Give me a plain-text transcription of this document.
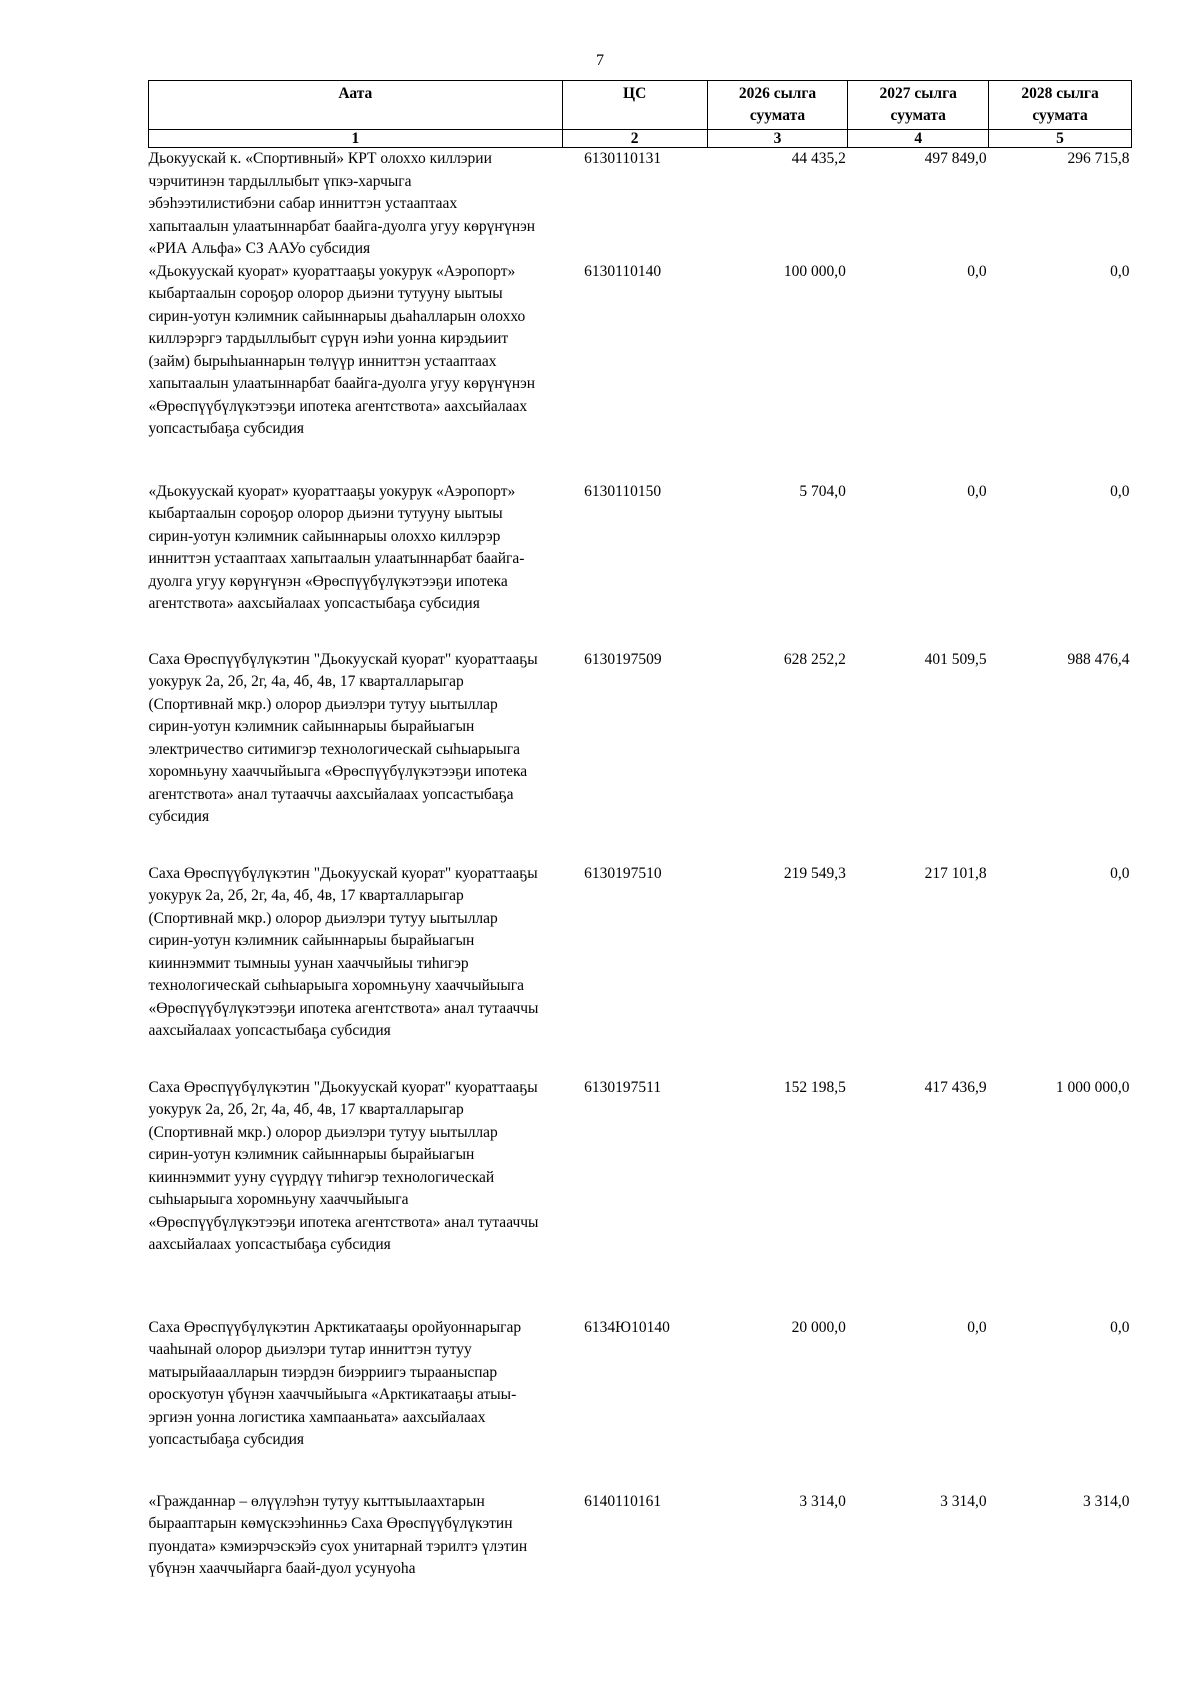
7
Аата	ЦС	2026 сылга суумата	2027 сылга суумата	2028 сылга суумата
1	2	3	4	5
Дьокуускай к. «Спортивный» КРТ олоххо киллэрии чэрчитинэн тардыллыбыт үпкэ-харчыга эбэһээтилистибэни сабар инниттэн устаaптаах хапытаалын улаатыннарбат баайга-дуолга угуу көрүҥүнэн «РИА Альфа» СЗ ААУо субсидия	6130110131	44 435,2	497 849,0	296 715,8
«Дьокуускай куорат» куораттааҕы уокурук «Аэропорт» кыбартаалын сороҕор олорор дьиэни тутууну ыытыы сирин-уотун кэлимник сайыннарыы дьаһалларын олоххо киллэрэргэ тардыллыбыт сүрүн иэһи уонна кирэдьиит (займ) бырыһыаннарын төлүүр инниттэн устаaптаах хапытаалын улаатыннарбат баайга-дуолга угуу көрүҥүнэн «Өрөспүүбүлүкэтээҕи ипотека агентствота» аахсыйалаах уопсастыбаҕа субсидия	6130110140	100 000,0	0,0	0,0
«Дьокуускай куорат» куораттааҕы уокурук «Аэропорт» кыбартаалын сороҕор олорор дьиэни тутууну ыытыы сирин-уотун кэлимник сайыннарыы олоххо киллэрэр инниттэн устаaптаах хапытаалын улаатыннарбат баайга-дуолга угуу көрүҥүнэн «Өрөспүүбүлүкэтээҕи ипотека агентствота» аахсыйалаах уопсастыбаҕа субсидия	6130110150	5 704,0	0,0	0,0
Саха Өрөспүүбүлүкэтин "Дьокуускай куорат" куораттааҕы уокурук 2а, 2б, 2г, 4а, 4б, 4в, 17 кварталларыгар (Спортивнай мкр.) олорор дьиэлэри тутуу ыытыллар сирин-уотун кэлимник сайыннарыы бырайыагын электричество ситимигэр технологическай сыһыарыыга хоромньуну хааччыйыыга «Өрөспүүбүлүкэтээҕи ипотека агентствота» анал тутааччы аахсыйалаах уопсастыбаҕа субсидия	6130197509	628 252,2	401 509,5	988 476,4
Саха Өрөспүүбүлүкэтин "Дьокуускай куорат" куораттааҕы уокурук 2а, 2б, 2г, 4а, 4б, 4в, 17 кварталларыгар (Спортивнай мкр.) олорор дьиэлэри тутуу ыытыллар сирин-уотун кэлимник сайыннарыы бырайыагын кииннэммит тымныы уунан хааччыйыы тиһигэр технологическай сыһыарыыга хоромньуну хааччыйыыга «Өрөспүүбүлүкэтээҕи ипотека агентствота» анал тутааччы аахсыйалаах уопсастыбаҕа субсидия	6130197510	219 549,3	217 101,8	0,0
Саха Өрөспүүбүлүкэтин "Дьокуускай куорат" куораттааҕы уокурук 2а, 2б, 2г, 4а, 4б, 4в, 17 кварталларыгар (Спортивнай мкр.) олорор дьиэлэри тутуу ыытыллар сирин-уотун кэлимник сайыннарыы бырайыагын кииннэммит ууну сүүрдүү тиһигэр технологическай сыһыарыыга хоромньуну хааччыйыыга «Өрөспүүбүлүкэтээҕи ипотека агентствота» анал тутааччы аахсыйалаах уопсастыбаҕа субсидия	6130197511	152 198,5	417 436,9	1 000 000,0
Саха Өрөспүүбүлүкэтин Арктикатааҕы оройуоннарыгар чааһынай олорор дьиэлэри тутар инниттэн тутуу матырыйааалларын тиэрдэн биэрриигэ тырааныспар ороскуотун үбүнэн хааччыйыыга «Арктикатааҕы атыы-эргиэн уонна логистика хампааньата» аахсыйалаах уопсастыбаҕа субсидия	6134Ю10140	20 000,0	0,0	0,0
«Гражданнар – өлүүлэһэн тутуу кыттыылаахтарын бырааптарын көмүскээһинньэ Саха Өрөспүүбүлүкэтин пуондата» кэмиэрчэскэйэ суох унитарнай тэрилтэ үлэтин үбүнэн хааччыйарга баай-дуол усунуоһа	6140110161	3 314,0	3 314,0	3 314,0
